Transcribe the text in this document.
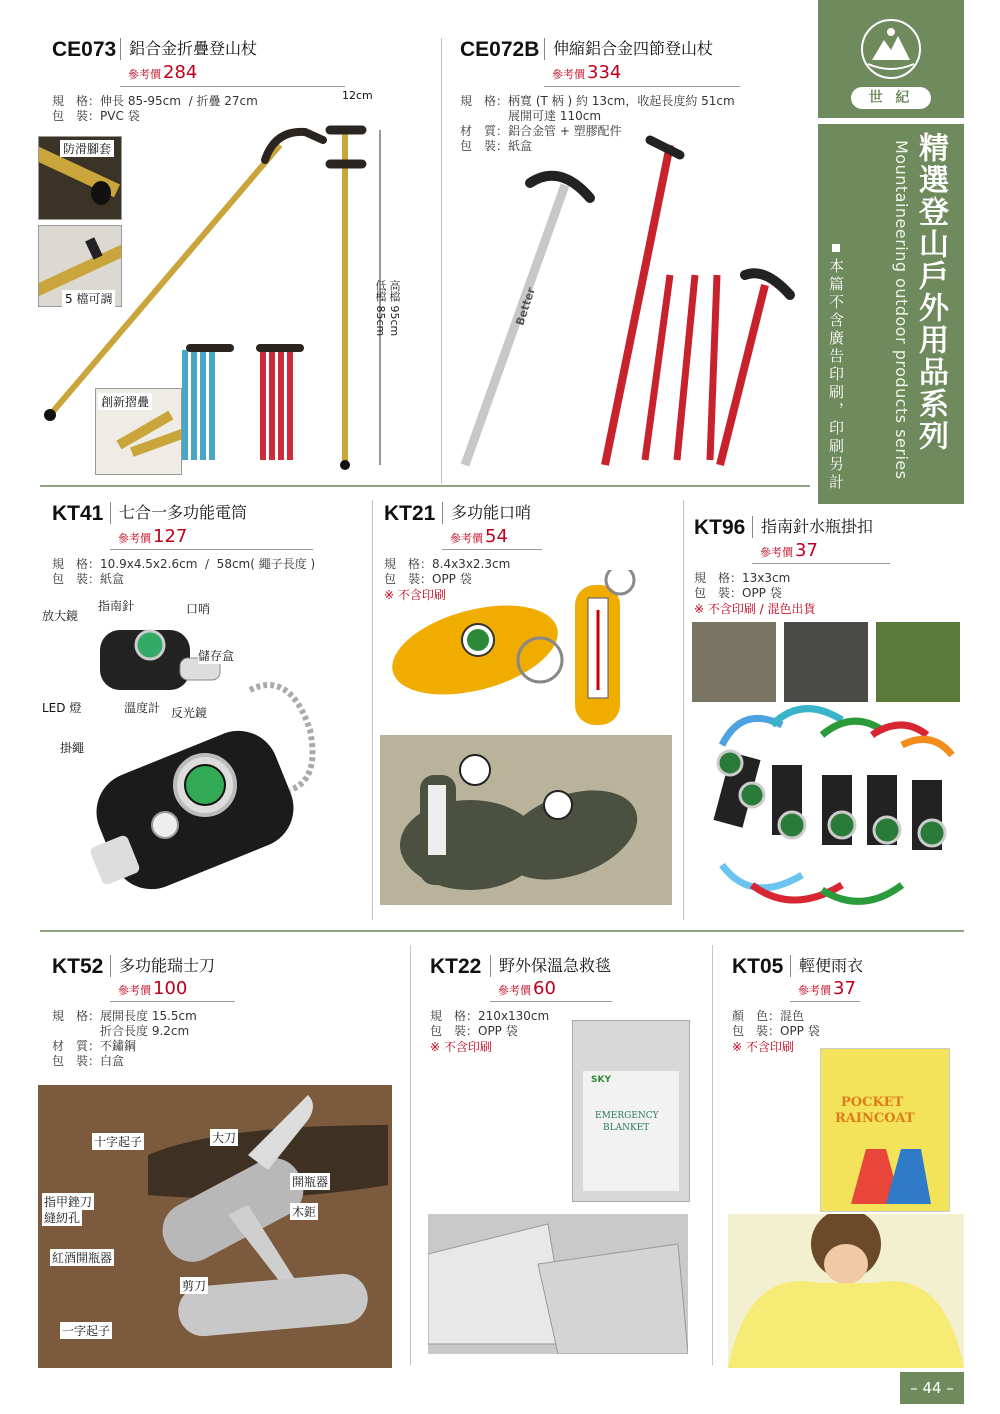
世 紀
精選登山戶外用品系列
Mountaineering outdoor products series
本篇不含廣告印刷，印刷另計
CE073 鋁合金折疊登山杖
參考價 284
規　格：伸長 85-95cm  / 折疊 27cm
包　裝：PVC 袋
防滑腳套
5 檔可調
12cm
高檔 95cm
低檔 85cm
創新摺疊
CE072B 伸縮鋁合金四節登山杖
參考價 334
規　格：柄寬 (T 柄 ) 約 13cm，收起長度約 51cm
　　　　展開可達 110cm
材　質：鋁合金管 + 塑膠配件
包　裝：紙盒
Better
KT41 七合一多功能電筒
參考價 127
規　格：10.9x4.5x2.6cm  /  58cm( 繩子長度 )
包　裝：紙盒
指南針	口哨
放大鏡
儲存盒
LED 燈	溫度計 反光鏡
掛繩
KT21 多功能口哨
參考價 54
規　格：8.4x3x2.3cm
包　裝：OPP 袋
※ 不含印刷
KT96 指南針水瓶掛扣
參考價 37
規　格：13x3cm
包　裝：OPP 袋
※ 不含印刷 / 混色出貨
KT52 多功能瑞士刀
參考價 100
規　格：展開長度 15.5cm
　　　　折合長度 9.2cm
材　質：不鏽鋼
包　裝：白盒
十字起子	大刀
開瓶器
指甲銼刀
縫紉孔	木鉅
紅酒開瓶器
剪刀
一字起子
KT22	野外保溫急救毯
參考價 60
規　格：210x130cm
包　裝：OPP 袋
※ 不含印刷
SKY
EMERGENCY
BLANKET
KT05 輕便雨衣
參考價 37
顏　色：混色
包　裝：OPP 袋
※ 不含印刷
POCKET
RAINCOAT
– 44 –
